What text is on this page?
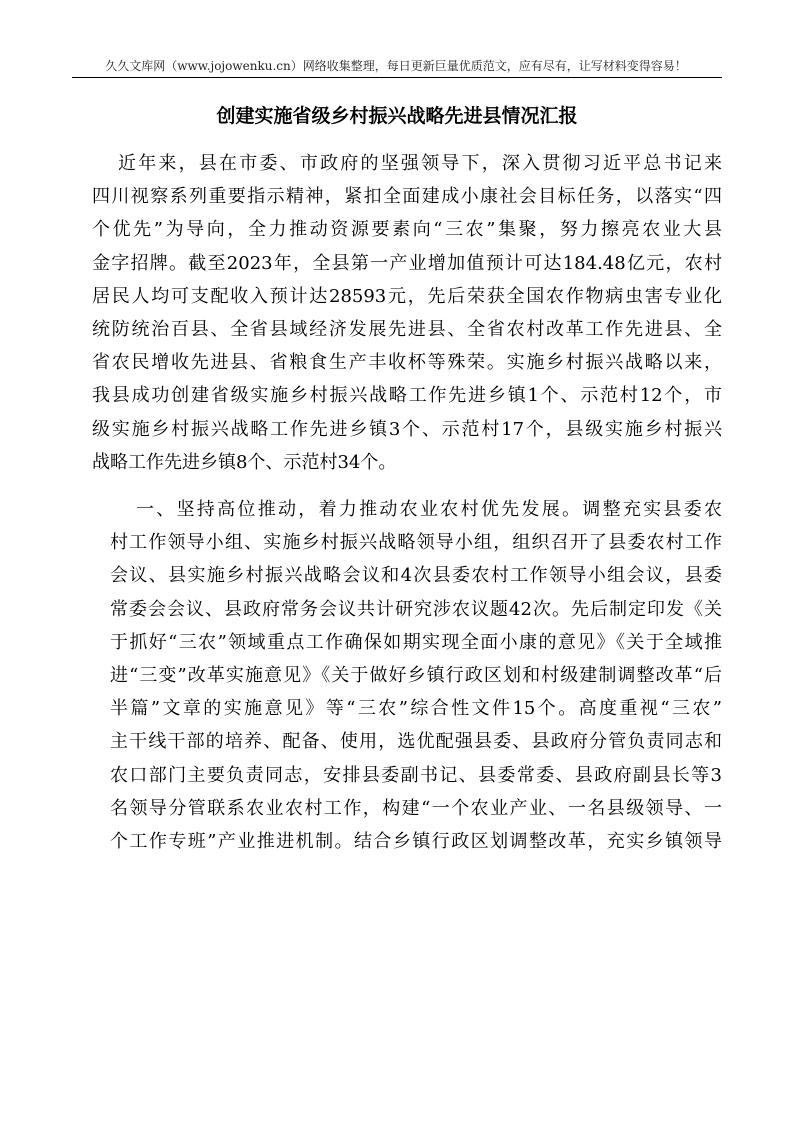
久久文库网（www.jojowenku.cn）网络收集整理，每日更新巨量优质范文，应有尽有，让写材料变得容易！
创建实施省级乡村振兴战略先进县情况汇报
近年来，县在市委、市政府的坚强领导下，深入贯彻习近平总书记来
四川视察系列重要指示精神，紧扣全面建成小康社会目标任务，以落实“四
个优先”为导向，全力推动资源要素向“三农”集聚，努力擦亮农业大县
金字招牌。截至2023年，全县第一产业增加值预计可达184.48亿元，农村
居民人均可支配收入预计达28593元，先后荣获全国农作物病虫害专业化
统防统治百县、全省县域经济发展先进县、全省农村改革工作先进县、全
省农民增收先进县、省粮食生产丰收杯等殊荣。实施乡村振兴战略以来，
我县成功创建省级实施乡村振兴战略工作先进乡镇1个、示范村12个，市
级实施乡村振兴战略工作先进乡镇3个、示范村17个，县级实施乡村振兴
战略工作先进乡镇8个、示范村34个。
一、坚持高位推动，着力推动农业农村优先发展。调整充实县委农
村工作领导小组、实施乡村振兴战略领导小组，组织召开了县委农村工作
会议、县实施乡村振兴战略会议和4次县委农村工作领导小组会议，县委
常委会会议、县政府常务会议共计研究涉农议题42次。先后制定印发《关
于抓好“三农”领域重点工作确保如期实现全面小康的意见》《关于全域推
进“三变”改革实施意见》《关于做好乡镇行政区划和村级建制调整改革“后
半篇”文章的实施意见》等“三农”综合性文件15个。高度重视“三农”
主干线干部的培养、配备、使用，选优配强县委、县政府分管负责同志和
农口部门主要负责同志，安排县委副书记、县委常委、县政府副县长等3
名领导分管联系农业农村工作，构建“一个农业产业、一名县级领导、一
个工作专班”产业推进机制。结合乡镇行政区划调整改革，充实乡镇领导
